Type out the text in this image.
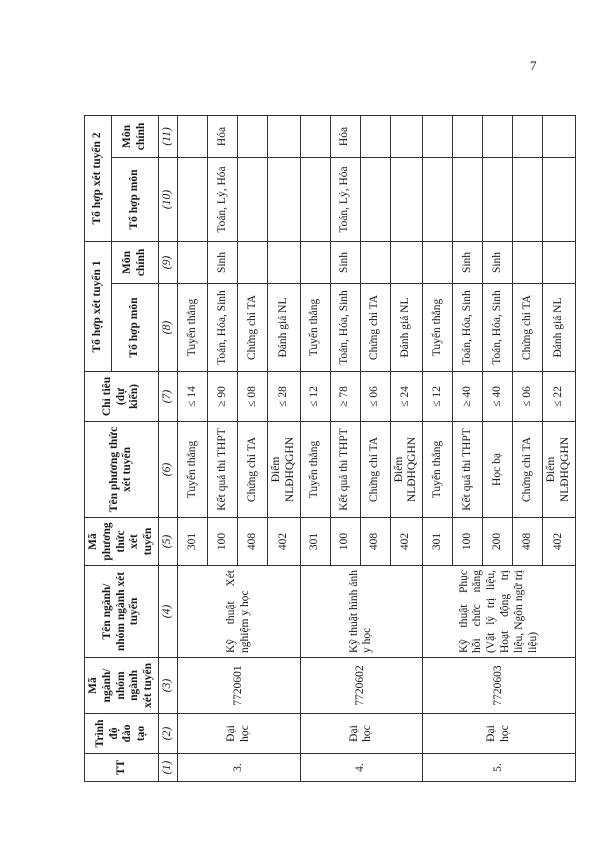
TT	Trình độ đào tạo	Mã ngành/ nhóm ngành xét tuyển	Tên ngành/ nhóm ngành xét tuyển	Mã phương thức xét tuyển	Tên phương thức xét tuyển	Chỉ tiêu (dự kiến)	Tổ hợp xét tuyển 1		Tổ hợp xét tuyển 2	
							Tổ hợp môn	Môn chính	Tổ hợp môn	Môn chính
(1)	(2)	(3)	(4)	(5)	(6)	(7)	(8)	(9)	(10)	(11)
3.	Đại học	7720601	Kỹ thuật Xét nghiệm y học	301	Tuyển thẳng	≤ 14	Tuyển thẳng			
				100	Kết quả thi THPT	≥ 90	Toán, Hóa, Sinh	Sinh	Toán, Lý, Hóa	Hóa
				408	Chứng chỉ TA	≤ 08	Chứng chỉ TA			
				402	Điểm NLĐHQGHN	≤ 28	Đánh giá NL			
4.	Đại học	7720602	Kỹ thuật hình ảnh y học	301	Tuyển thẳng	≤ 12	Tuyển thẳng			
				100	Kết quả thi THPT	≥ 78	Toán, Hóa, Sinh	Sinh	Toán, Lý, Hóa	Hóa
				408	Chứng chỉ TA	≤ 06	Chứng chỉ TA			
				402	Điểm NLĐHQGHN	≤ 24	Đánh giá NL			
5.	Đại học	7720603	Kỹ thuật Phục hồi chức năng (Vật lý trị liệu, Hoạt động trị liệu, Ngôn ngữ trị liệu)	301	Tuyển thẳng	≤ 12	Tuyển thẳng			
				100	Kết quả thi THPT	≥ 40	Toán, Hóa, Sinh	Sinh		
				200	Học bạ	≤ 40	Toán, Hóa, Sinh	Sinh		
				408	Chứng chỉ TA	≤ 06	Chứng chỉ TA			
				402	Điểm NLĐHQGHN	≤ 22	Đánh giá NL			
7
